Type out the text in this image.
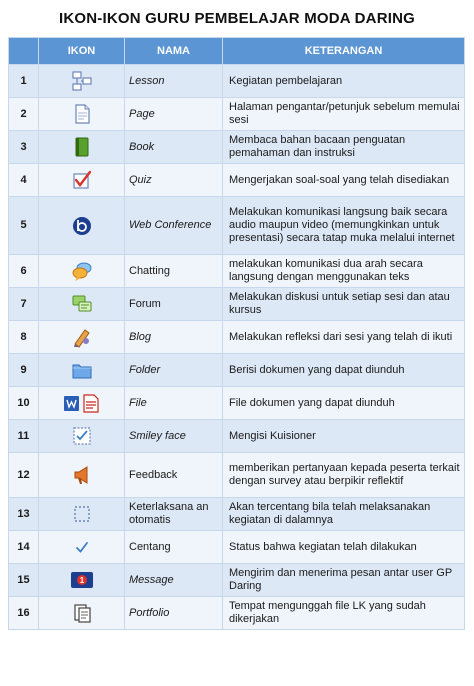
IKON-IKON GURU PEMBELAJAR MODA DARING
	IKON	NAMA	KETERANGAN
1		Lesson	Kegiatan pembelajaran
2		Page	Halaman pengantar/petunjuk sebelum memulai sesi
3		Book	Membaca bahan bacaan penguatan pemahaman dan instruksi
4		Quiz	Mengerjakan soal-soal yang telah disediakan
5		Web Conference	Melakukan komunikasi langsung baik secara audio maupun video (memungkinkan untuk presentasi) secara tatap muka melalui internet
6		Chatting	melakukan komunikasi dua arah secara langsung dengan menggunakan teks
7		Forum	Melakukan diskusi untuk setiap sesi dan atau kursus
8		Blog	Melakukan refleksi dari sesi yang telah di ikuti
9		Folder	Berisi dokumen yang dapat diunduh
10		File	File dokumen yang dapat diunduh
11		Smiley face	Mengisi Kuisioner
12		Feedback	memberikan pertanyaan kepada peserta terkait dengan survey atau berpikir reflektif
13		Keterlaksana an otomatis	Akan tercentang bila telah melaksanakan kegiatan di dalamnya
14		Centang	Status bahwa kegiatan telah dilakukan
15	1	Message	Mengirim dan menerima pesan antar user GP Daring
16		Portfolio	Tempat mengunggah file LK yang sudah dikerjakan
